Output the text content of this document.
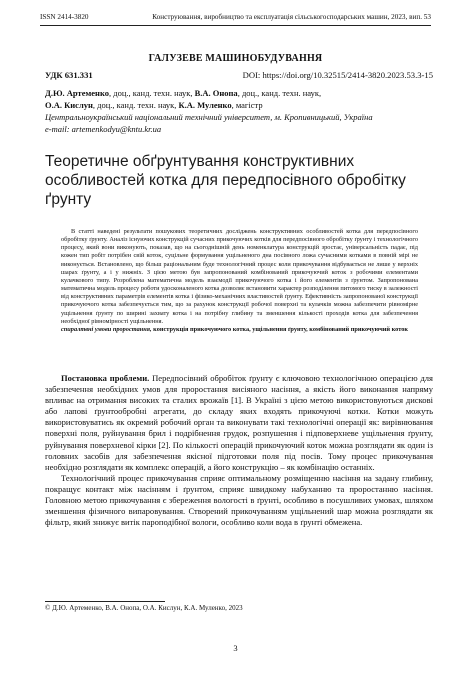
ISSN 2414-3820	Конструювання, виробництво та експлуатація сільськогосподарських машин, 2023, вип. 53
ГАЛУЗЕВЕ МАШИНОБУДУВАННЯ
УДК 631.331	DOI: https://doi.org/10.32515/2414-3820.2023.53.3-15

Д.Ю. Артеменко, доц., канд. техн. наук, В.А. Онопа, доц., канд. техн. наук,

О.А. Кислун, доц., канд. техн. наук, К.А. Муленко, магістр

Центральноукраїнський національний технічний університет, м. Кропивницький, Україна

e-mail: artemenkodyu@kntu.kr.ua

Теоретичне обґрунтування конструктивних особливостей котка для передпосівного обробітку ґрунту

В статті наведені результати пошукових теоретичних досліджень конструктивних особливостей котка для передпосівного обробітку ґрунту. Аналіз існуючих конструкцій сучасних прикочуючих котків для передпосівного обробітку ґрунту і технологічного процесу, який вони виконують, показав, що на сьогоднішній день номенклатура конструкцій зростає, універсальність падає, під кожен тип робіт потрібен свій коток, суцільне формування ущільненого дна посівного ложа сучасними котками в повній мірі не виконується. Встановлено, що більш раціональним буде технологічний процес коли прикочування відбувається не лише у верхніх шарах ґрунту, а і у нижніх. З цією метою був запропонований комбінований прикочуючий коток з робочими елементами кулачкового типу. Розроблена математична модель взаємодії прикочуючого котка і його елементів з ґрунтом. Запропонована математична модель процесу роботи удосконаленого котка дозволяє встановити характер розподілення питомого тиску в залежності від конструктивних параметрів елементів котка і фізико-механічних властивостей ґрунту. Ефективність запропонованої конструкції прикочуючого котка забезпечується тим, що за рахунок конструкції робочої поверхні та кулачків можна забезпечити рівномірне ущільнення ґрунту по ширині захвату котка і на потрібну глибину та зменшення кількості проходів котка для забезпечення необхідної рівномірності ущільнення.

спиралтвні умови проростання, конструкція прикочуючого котка, ущільнення ґрунту, комбінований прикочуючий коток

Постановка проблеми. Передпосівний обробіток ґрунту є ключовою технологічною операцією для забезпечення необхідних умов для проростання висіяного насіння, а якість його виконання напряму впливає на отримання високих та сталих врожаїв [1]. В Україні з цією метою використовуються дискові або лапові ґрунтообробні агрегати, до складу яких входять прикочуючі котки. Котки можуть використовуватись як окремий робочий орган та виконувати такі технологічні операції як: вирівнювання поверхні поля, руйнування брил і подрібнення грудок, розпушення і підповерхневе ущільнення ґрунту, руйнування поверхневої кірки [2]. По кількості операцій прикочуючий коток можна розглядати як один із головних засобів для забезпечення якісної підготовки поля під посів. Тому процес прикочування необхідно розглядати як комплекс операцій, а його конструкцію – як комбінацію останніх.

Технологічний процес прикочування сприяє оптимальному розміщенню насіння на задану глибину, покращує контакт між насінням і ґрунтом, сприяє швидкому набуханню та проростанню насіння. Головною метою прикочування є збереження вологості в ґрунті, особливо в посушливих умовах, шляхом зменшення фізичного випаровування. Створений прикочуванням ущільнений шар можна розглядати як фільтр, який знижує витік пароподібної вологи, особливо коли вода в ґрунті обмежена.

© Д.Ю. Артеменко, В.А. Онопа, О.А. Кислун, К.А. Муленко, 2023
3
